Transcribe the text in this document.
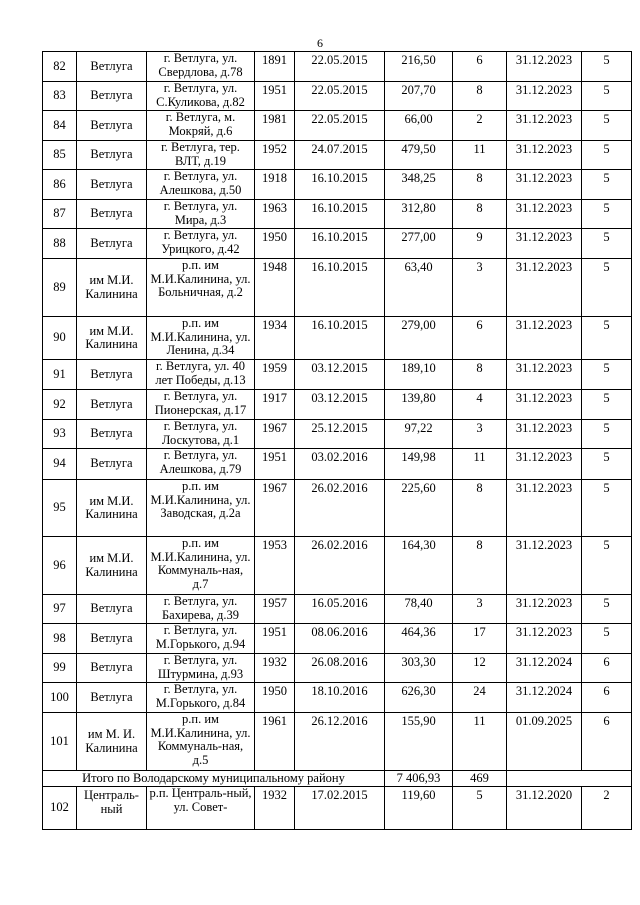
6
82	Ветлуга	г. Ветлуга, ул. Свердлова, д.78	1891	22.05.2015	216,50	6	31.12.2023	5
83	Ветлуга	г. Ветлуга, ул. С.Куликова, д.82	1951	22.05.2015	207,70	8	31.12.2023	5
84	Ветлуга	г. Ветлуга, м. Мокряй, д.6	1981	22.05.2015	66,00	2	31.12.2023	5
85	Ветлуга	г. Ветлуга, тер. ВЛТ, д.19	1952	24.07.2015	479,50	11	31.12.2023	5
86	Ветлуга	г. Ветлуга, ул. Алешкова, д.50	1918	16.10.2015	348,25	8	31.12.2023	5
87	Ветлуга	г. Ветлуга, ул. Мира, д.3	1963	16.10.2015	312,80	8	31.12.2023	5
88	Ветлуга	г. Ветлуга, ул. Урицкого, д.42	1950	16.10.2015	277,00	9	31.12.2023	5
89	им М.И. Калинина	р.п. им М.И.Калинина, ул. Больничная, д.2	1948	16.10.2015	63,40	3	31.12.2023	5
90	им М.И. Калинина	р.п. им М.И.Калинина, ул. Ленина, д.34	1934	16.10.2015	279,00	6	31.12.2023	5
91	Ветлуга	г. Ветлуга, ул. 40 лет Победы, д.13	1959	03.12.2015	189,10	8	31.12.2023	5
92	Ветлуга	г. Ветлуга, ул. Пионерская, д.17	1917	03.12.2015	139,80	4	31.12.2023	5
93	Ветлуга	г. Ветлуга, ул. Лоскутова, д.1	1967	25.12.2015	97,22	3	31.12.2023	5
94	Ветлуга	г. Ветлуга, ул. Алешкова, д.79	1951	03.02.2016	149,98	11	31.12.2023	5
95	им М.И. Калинина	р.п. им М.И.Калинина, ул. Заводская, д.2а	1967	26.02.2016	225,60	8	31.12.2023	5
96	им М.И. Калинина	р.п. им М.И.Калинина, ул. Коммуналь-ная, д.7	1953	26.02.2016	164,30	8	31.12.2023	5
97	Ветлуга	г. Ветлуга, ул. Бахирева, д.39	1957	16.05.2016	78,40	3	31.12.2023	5
98	Ветлуга	г. Ветлуга, ул. М.Горького, д.94	1951	08.06.2016	464,36	17	31.12.2023	5
99	Ветлуга	г. Ветлуга, ул. Штурмина, д.93	1932	26.08.2016	303,30	12	31.12.2024	6
100	Ветлуга	г. Ветлуга, ул. М.Горького, д.84	1950	18.10.2016	626,30	24	31.12.2024	6
101	им М. И. Калинина	р.п. им М.И.Калинина, ул. Коммуналь-ная, д.5	1961	26.12.2016	155,90	11	01.09.2025	6
Итого по Володарскому муниципальному району					7 406,93	469		
102	Централь-ный	р.п. Централь-ный, ул. Совет-	1932	17.02.2015	119,60	5	31.12.2020	2
